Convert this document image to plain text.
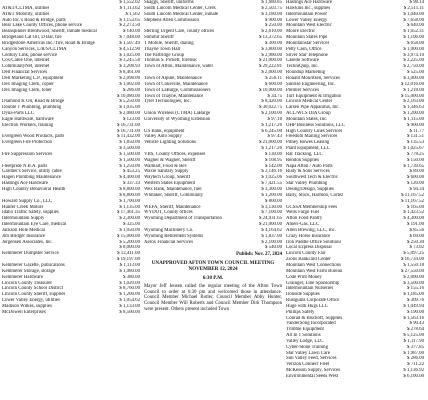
$ 1,552.02
AT&T/CLTMA, utilities	$ 1,113.62
AT&T Mobility, utilities	$ 1,562
Auto Inc.'s Road & Bridge, parts	$ 1,153.65
Bear Lake County Offices, phone service	$ 2,273.50
Beanspinner Brentwood, Sheriff, inmate medical	$ 140.00
Bridgeland Cat Oil, D Bar, tire	$ 7,048.00
Bridgestone Americas Inc./Tire, Road & Bridge	$ 1,507.49
Canyon Services, L/R/S/CLTMA	$ 4,512.90
Century Link, phone service	$ 1,025.00
Cox/Cable One, internet	$ 3,245.58
CommunityNet, internet	$ 3,208.93
Dell Financial Services	$ 8,461.00
Dell Marketing L.P., equipment	$ 2,098.00
Dex Imaging Clerk, copier	$ 1,002.00
Dex Imaging Clerk, toner	$ 286.00
$ 10,080.00
Diamond K Oil, Road & Bridge	$ 5,250.00
Double T Plumbing, plumbing	$ 1,035.00
Dyna-Parts LLC	$ 2,080.00
Eagle Hardware, hardware	$ 123.00
Electron Workers, training	$ 16,731.00
$ 16,731.00
Evergreen Wood Products, parts	$ 11,432.00
Evergreen Fire Protection	$ 1,850.00
$ 3,500.00
Fire Suppression Services	$ 1,500.00
$ 1,500.00
Fleetpride N.B.A. parts	$ 1,250.00
Gardner's Service, utility cable	$ 453.25
Hagen Plumbing Maintenance	$ 4,400.00
Hastings Ace Hardware	$ 337.33
High Country Behavioral Health	$ 8,800.00
$ 8,800.00
Howard Supply Co., LLC	$ 1,700.00
Hunter Creek Motors	$ 1,135.00
Idaho Traffic Safety, supplies	$ 17,461.35
Intermountain Supply	$ 2,300.00
Intermountain Eye Care, medical	$ 325.00
Jackson Hole Medical	$ 1,050.00
Jim Bridger Insurance	$ 15,000.00
Jorgensen Associates, Inc.	$ 5,200.00
$ 8,000.00
Kemmerer Dumpster Service	$ 12,411.00
$ 19,197.00
Kemmerer Gazette, publications	$ 1,113.00
Kemmerer Storage, storage	$ 1,980.00
Kemmerer Hardware	$ 380.00
Lincoln County Treasurer	$ 1,020.00
Lincoln County School District	$ 8,760.00
Lincoln County Sheriff, supplies	$ 1,200.00
Lower Valley Energy, utilities	$ 1,054.62
Madison Wilkes, supplies	$ 1,133.00
McDowell Enterprises	$ 8,500.00
Skaggs, Sheriff, uniforms	$ 1,680.85
South Lincoln Medical Center, Clerk	$ 2,503.75
South Lincoln Medical Center, inmate	$ 3,180.00
Stephens Allen Commission	$ 900.00
$ 250.00
Sterling Urgent Care, county offices	$ 2,610.00
Summit Sheriff	$ 13,372.65
T Mobile, Sheriff, dialing	$ 300.00
Thayne Town Hall	$ 3,800.00
The Partridge Group	$ 2,980.00
Thomas S. Pickett, forensic	$ 21,000.00
Town of Afton, Maintenance, water	$ 29,222.81
$ 2,000.00
Town of Alpine, Maintenance	$ 256.11
Town of Cokeville, Maintenance	$ 600.00
Town of LaBarge, Commissioners	$ 10,000.00
Town of Thayne, Maintenance	$ 34.75
Tyler Technologies, Inc.	$ 8,420.00
$ 30,022.75
Union Wireless (CTMA) LaBarge	$ 2,100.00
University of Wyoming Extension	$ 97.18
$ 1,217.26
US Bank, equipment	$ 6,245.00
Valley Auto Supply	$ 97.43
Vehicle Lighting Solutions	$ 21,000.00
$ 1,217.26
VBS, County Offices, expenses	$ 130.00
Wagner & Wagner, Sheriff	$ 168.95
Walmart, Food & Bev	$ 142.00
Waxie Sanitary Supply	$ 2,146.16
Waytech Group, Sheriff	$ 1,025.06
Western States Equipment	$ 7,421.55
Wex Bank, Maintenance, fuel	$ 3,300.00
Whitaker, Sheriff, Community	$ 1,200.00
$ 800.00
WEFA, Sheriff, Maintenance	$ 3,130.00
WYDOT, County offices	$ 7,100.00
Wyoming Department of Transportation	$ 24,931.65
$ 21,000.00
Wyoming Machinery Co.	$ 4,164.62
Wyoming Retirement Systems	$ 1,837.00
Xerox Financial Services	$ 2,100.00
$ 540.00
Publish: Nov. 27, 2024
UNAPPROVED AFTON TOWN COUNCIL MEETING NOVEMBER 12, 2024
6:30 P.M.
Mayor Jeff Jensen called the regular meeting of the Afton Town Council to order at 6:30 pm and welcomed those in attendance. Council Member Michael Butler, Council Member Abby Hunter, Council Member Will Roberts and Council Member Dirk Thompson were present. Others present included Town
Hastings Ace Hardware	$ 98.14
Hawkins Inc., supplies	$ 2,511.11
Intermountain Power	$ 1,040.00
Lower Valley Energy	$ 7,658.00
Mountain West Electric	$ 640.00
Moore Electric	$ 1,052.31
Mountain States Pipe	$ 1,106.00
Mountainstar Services	$ 658.00
Petty Cash, Office	$ 1,000.00
Silver Star Telephone	$ 3,974.10
Caselle Software	$ 2,225.00
TechniQuip, Inc.	$ 2,750.00
Roundup Marketing	$ 525.00
Ronald Mouritsen, Services	$ 3,000.00
Sunrise Engineering, Inc.	$ 12,016.00
Premier Services	$ 1,218.00
Turf Equipment & Irrigation	$ 15,000.00
Lincoln Medical Center	$ 2,163.00
Larsen Pipe Apparatus, Inc.	$ 1,346.63
ACL/WCS DIA Group	$ 1,200.00
Mountain States, Inc.	$ 1,115.00
OHP Business Solutions, LLC	$ 900.00
High Country Lines Services	$ 11.77
Freedom Mailing Services	$ 131.51
Pitney Bowes Leasing	$ 135.53
Plant Equipment, LLC	$ 1,025.67
Rat Tracking, LLC	$ 778.25
Rendon Supplies	$ 150.00
Napa Afton / Auto Parts	$ 1,739.65
Rudy & Sons Services	$ 89.00
Southwest Tech & Electric	$ 600.00
Star Valley Plumbing	$ 120.00
Desing/Design, Supplies	$ 94.34
Bally, Stock, Harmon, Cortez	$ 11,167.52
$ 11,167.52
GCSSA Membership Fees	$ 165.00
Wells Fargo Fuel	$ 1,423.52
Afton Food Pantry	$ 4,300.00
Ameri-Gas, LLC	$ 191.00
Allen Brewing, LLC, Inc.	$ 85.56
Crazy Horse Insurance	$ 69.00
Iron Paddle Office Solutions	$ 250.30
Local Express Disposal	$ 73.02
Lincoln County Fair	$ 5,097.25
Zions Bankcard Center	$ 16,734.00
Mountain West Connections	$ 1,550.18
Mountain West Farm Bureau	$ 27,550.00
Code Print Money	$ 2,000.00
Grainger, Line Sponsorship	$ 3,500.00
Intermountain Nurseries	$ 155.16
Ironside Supplies	$ 1,185.00
Rustgums Corporate Office	$ 309.76
Huge with Hugs LLC	$ 1,049.94
Phillips Safety	$ 190.00
Conrad & Bischoff, Supplies	$ 1,563.16
VanderSong Incorporated	$ 90.43
Trimble Equipment	$ 278.64
All In 1 Solutions	$ 5,125.00
Valley Lodge, LLC	$ 1,117.90
Cyber-Stone Training	$ 377.85
Star Valley Lawn Care	$ 1,987.00
Sun Valley Feed, Services	$ 286.00
Verizon Connect Fleet	$ 711.22
McKesson Supply, Services	$ 1,136.92
Environmental Seeds West	$ 6,100.00
